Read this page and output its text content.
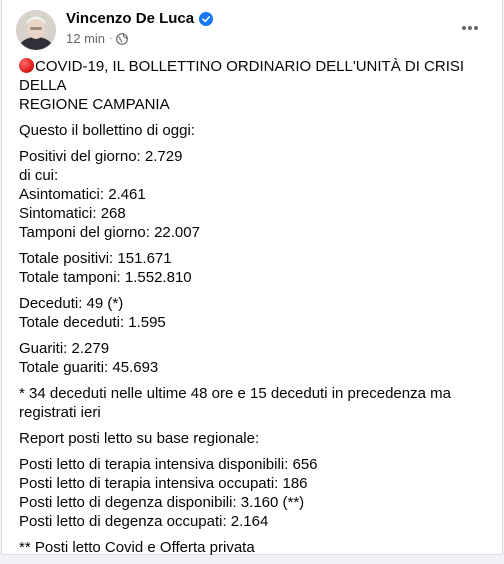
Vincenzo De Luca
12 min ·

COVID-19, IL BOLLETTINO ORDINARIO DELL'UNITÀ DI CRISI DELLA
REGIONE CAMPANIA

Questo il bollettino di oggi:

Positivi del giorno: 2.729
di cui:
Asintomatici: 2.461
Sintomatici: 268
Tamponi del giorno: 22.007

Totale positivi: 151.671
Totale tamponi: 1.552.810

Deceduti: 49 (*)
Totale deceduti: 1.595

Guariti: 2.279
Totale guariti: 45.693

* 34 deceduti nelle ultime 48 ore e 15 deceduti in precedenza ma
registrati ieri

Report posti letto su base regionale:

Posti letto di terapia intensiva disponibili: 656
Posti letto di terapia intensiva occupati: 186
Posti letto di degenza disponibili: 3.160 (**)
Posti letto di degenza occupati: 2.164

** Posti letto Covid e Offerta privata
